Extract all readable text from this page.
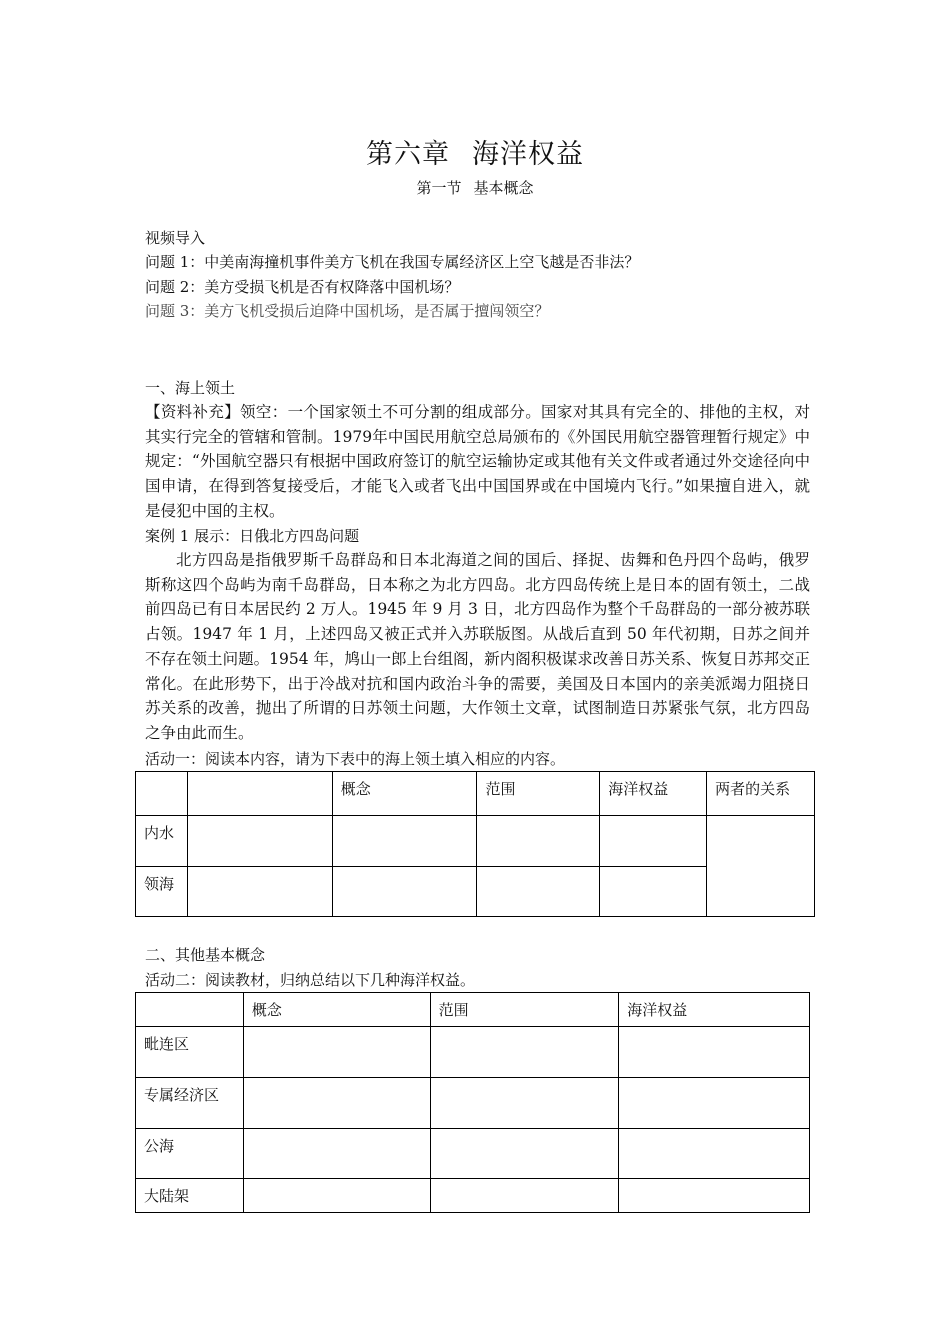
第六章 海洋权益
第一节 基本概念
视频导入
问题 1：中美南海撞机事件美方飞机在我国专属经济区上空飞越是否非法？
问题 2：美方受损飞机是否有权降落中国机场？
问题 3：美方飞机受损后迫降中国机场，是否属于擅闯领空？
一、海上领土
【资料补充】领空：一个国家领土不可分割的组成部分。国家对其具有完全的、排他的主权，对其实行完全的管辖和管制。1979年中国民用航空总局颁布的《外国民用航空器管理暂行规定》中规定：“外国航空器只有根据中国政府签订的航空运输协定或其他有关文件或者通过外交途径向中国申请，在得到答复接受后，才能飞入或者飞出中国国界或在中国境内飞行。”如果擅自进入，就是侵犯中国的主权。
案例 1 展示：日俄北方四岛问题
北方四岛是指俄罗斯千岛群岛和日本北海道之间的国后、择捉、齿舞和色丹四个岛屿，俄罗斯称这四个岛屿为南千岛群岛，日本称之为北方四岛。北方四岛传统上是日本的固有领土，二战前四岛已有日本居民约 2 万人。1945 年 9 月 3 日，北方四岛作为整个千岛群岛的一部分被苏联占领。1947 年 1 月，上述四岛又被正式并入苏联版图。从战后直到 50 年代初期，日苏之间并不存在领土问题。1954 年，鸠山一郎上台组阁，新内阁积极谋求改善日苏关系、恢复日苏邦交正常化。在此形势下，出于冷战对抗和国内政治斗争的需要，美国及日本国内的亲美派竭力阻挠日苏关系的改善，抛出了所谓的日苏领土问题，大作领土文章，试图制造日苏紧张气氛，北方四岛之争由此而生。
活动一：阅读本内容，请为下表中的海上领土填入相应的内容。
		概念	范围	海洋权益	两者的关系
内水					
领海					
二、其他基本概念
活动二：阅读教材，归纳总结以下几种海洋权益。
	概念	范围	海洋权益
毗连区			
专属经济区			
公海			
大陆架			
